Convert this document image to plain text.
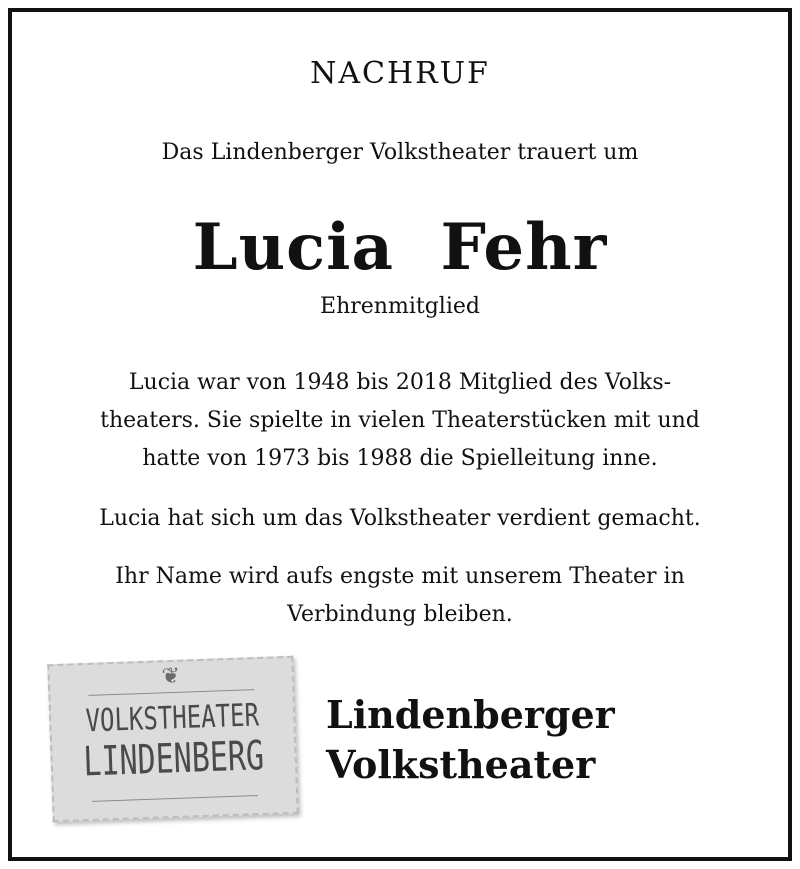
NACHRUF
Das Lindenberger Volkstheater trauert um
Lucia  Fehr
Ehrenmitglied
Lucia war von 1948 bis 2018 Mitglied des Volks-
theaters. Sie spielte in vielen Theaterstücken mit und
hatte von 1973 bis 1988 die Spielleitung inne.
Lucia hat sich um das Volkstheater verdient gemacht.
Ihr Name wird aufs engste mit unserem Theater in
Verbindung bleiben.
❦
VOLKSTHEATER
LINDENBERG
Lindenberger
Volkstheater
